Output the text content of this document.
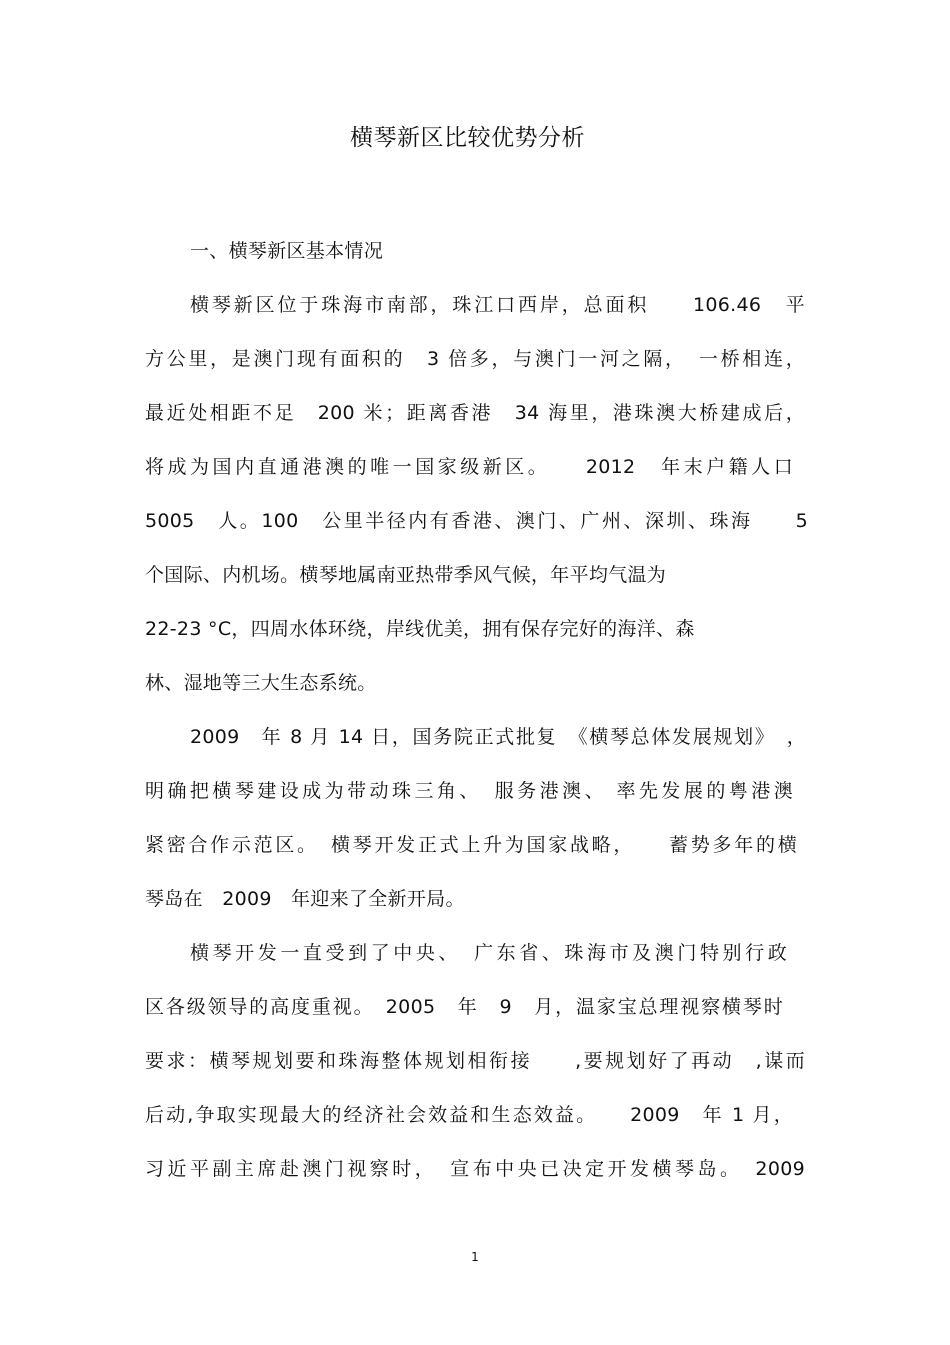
横琴新区比较优势分析
一、横琴新区基本情况
横琴新区位于珠海市南部，珠江口西岸，总面积　　106.46　平
方公里，是澳门现有面积的　3 倍多，与澳门一河之隔，　一桥相连，
最近处相距不足　200 米；距离香港　34 海里，港珠澳大桥建成后，
将成为国内直通港澳的唯一国家级新区。　　2012　年末户籍人口
5005　人。100　公里半径内有香港、澳门、广州、深圳、珠海　　5
个国际、内机场。横琴地属南亚热带季风气候，年平均气温为
22-23 °C，四周水体环绕，岸线优美，拥有保存完好的海洋、森
林、湿地等三大生态系统。
2009　年 8 月 14 日，国务院正式批复　《横琴总体发展规划》　，
明确把横琴建设成为带动珠三角、　服务港澳、 率先发展的粤港澳
紧密合作示范区。　横琴开发正式上升为国家战略，　　蓄势多年的横
琴岛在　2009　年迎来了全新开局。
横琴开发一直受到了中央、　广东省、珠海市及澳门特别行政
区各级领导的高度重视。　2005　年　9　月，温家宝总理视察横琴时
要求：横琴规划要和珠海整体规划相衔接　　,要规划好了再动　,谋而
后动,争取实现最大的经济社会效益和生态效益。　　2009　年 1 月，
习近平副主席赴澳门视察时，　宣布中央已决定开发横琴岛。　2009
1
